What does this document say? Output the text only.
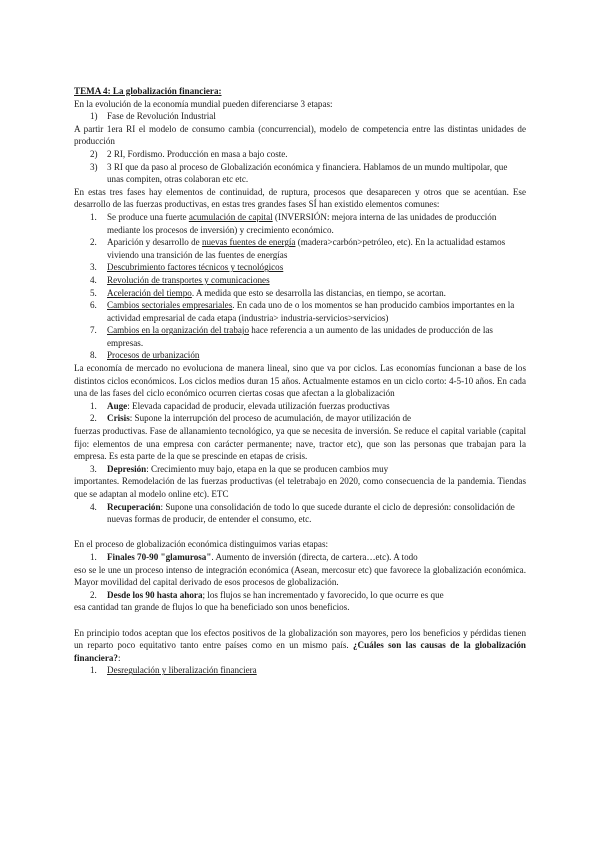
TEMA 4: La globalización financiera:

En la evolución de la economía mundial pueden diferenciarse 3 etapas:

1) Fase de Revolución Industrial

A partir 1era RI el modelo de consumo cambia (concurrencial), modelo de competencia entre las distintas unidades de producción

2) 2 RI, Fordismo. Producción en masa a bajo coste.
3) 3 RI que da paso al proceso de Globalización económica y financiera. Hablamos de un mundo multipolar, que unas compiten, otras colaboran etc etc.

En estas tres fases hay elementos de continuidad, de ruptura, procesos que desaparecen y otros que se acentúan. Ese desarrollo de las fuerzas productivas, en estas tres grandes fases SÍ han existido elementos comunes:

1. Se produce una fuerte acumulación de capital (INVERSIÓN: mejora interna de las unidades de producción mediante los procesos de inversión) y crecimiento económico.
2. Aparición y desarrollo de nuevas fuentes de energía (madera>carbón>petróleo, etc). En la actualidad estamos viviendo una transición de las fuentes de energías
3. Descubrimiento factores técnicos y tecnológicos
4. Revolución de transportes y comunicaciones
5. Aceleración del tiempo. A medida que esto se desarrolla las distancias, en tiempo, se acortan.
6. Cambios sectoriales empresariales. En cada uno de o los momentos se han producido cambios importantes en la actividad empresarial de cada etapa (industria> industria-servicios>servicios)
7. Cambios en la organización del trabajo hace referencia a un aumento de las unidades de producción de las empresas.
8. Procesos de urbanización

La economía de mercado no evoluciona de manera lineal, sino que va por ciclos. Las economías funcionan a base de los distintos ciclos económicos. Los ciclos medios duran 15 años. Actualmente estamos en un ciclo corto: 4-5-10 años. En cada una de las fases del ciclo económico ocurren ciertas cosas que afectan a la globalización

1. Auge: Elevada capacidad de producir, elevada utilización fuerzas productivas
2. Crisis: Supone la interrupción del proceso de acumulación, de mayor utilización de

fuerzas productivas. Fase de allanamiento tecnológico, ya que se necesita de inversión. Se reduce el capital variable (capital fijo: elementos de una empresa con carácter permanente; nave, tractor etc), que son las personas que trabajan para la empresa. Es esta parte de la que se prescinde en etapas de crisis.

3. Depresión: Crecimiento muy bajo, etapa en la que se producen cambios muy

importantes. Remodelación de las fuerzas productivas (el teletrabajo en 2020, como consecuencia de la pandemia. Tiendas que se adaptan al modelo online etc). ETC

4. Recuperación: Supone una consolidación de todo lo que sucede durante el ciclo de depresión: consolidación de nuevas formas de producir, de entender el consumo, etc.

En el proceso de globalización económica distinguimos varias etapas:

1. Finales 70-90 "glamurosa". Aumento de inversión (directa, de cartera…etc). A todo

eso se le une un proceso intenso de integración económica (Asean, mercosur etc) que favorece la globalización económica. Mayor movilidad del capital derivado de esos procesos de globalización.

2. Desde los 90 hasta ahora; los flujos se han incrementado y favorecido, lo que ocurre es que

esa cantidad tan grande de flujos lo que ha beneficiado son unos beneficios.

En principio todos aceptan que los efectos positivos de la globalización son mayores, pero los beneficios y pérdidas tienen un reparto poco equitativo tanto entre países como en un mismo país. ¿Cuáles son las causas de la globalización financiera?:

1. Desregulación y liberalización financiera
